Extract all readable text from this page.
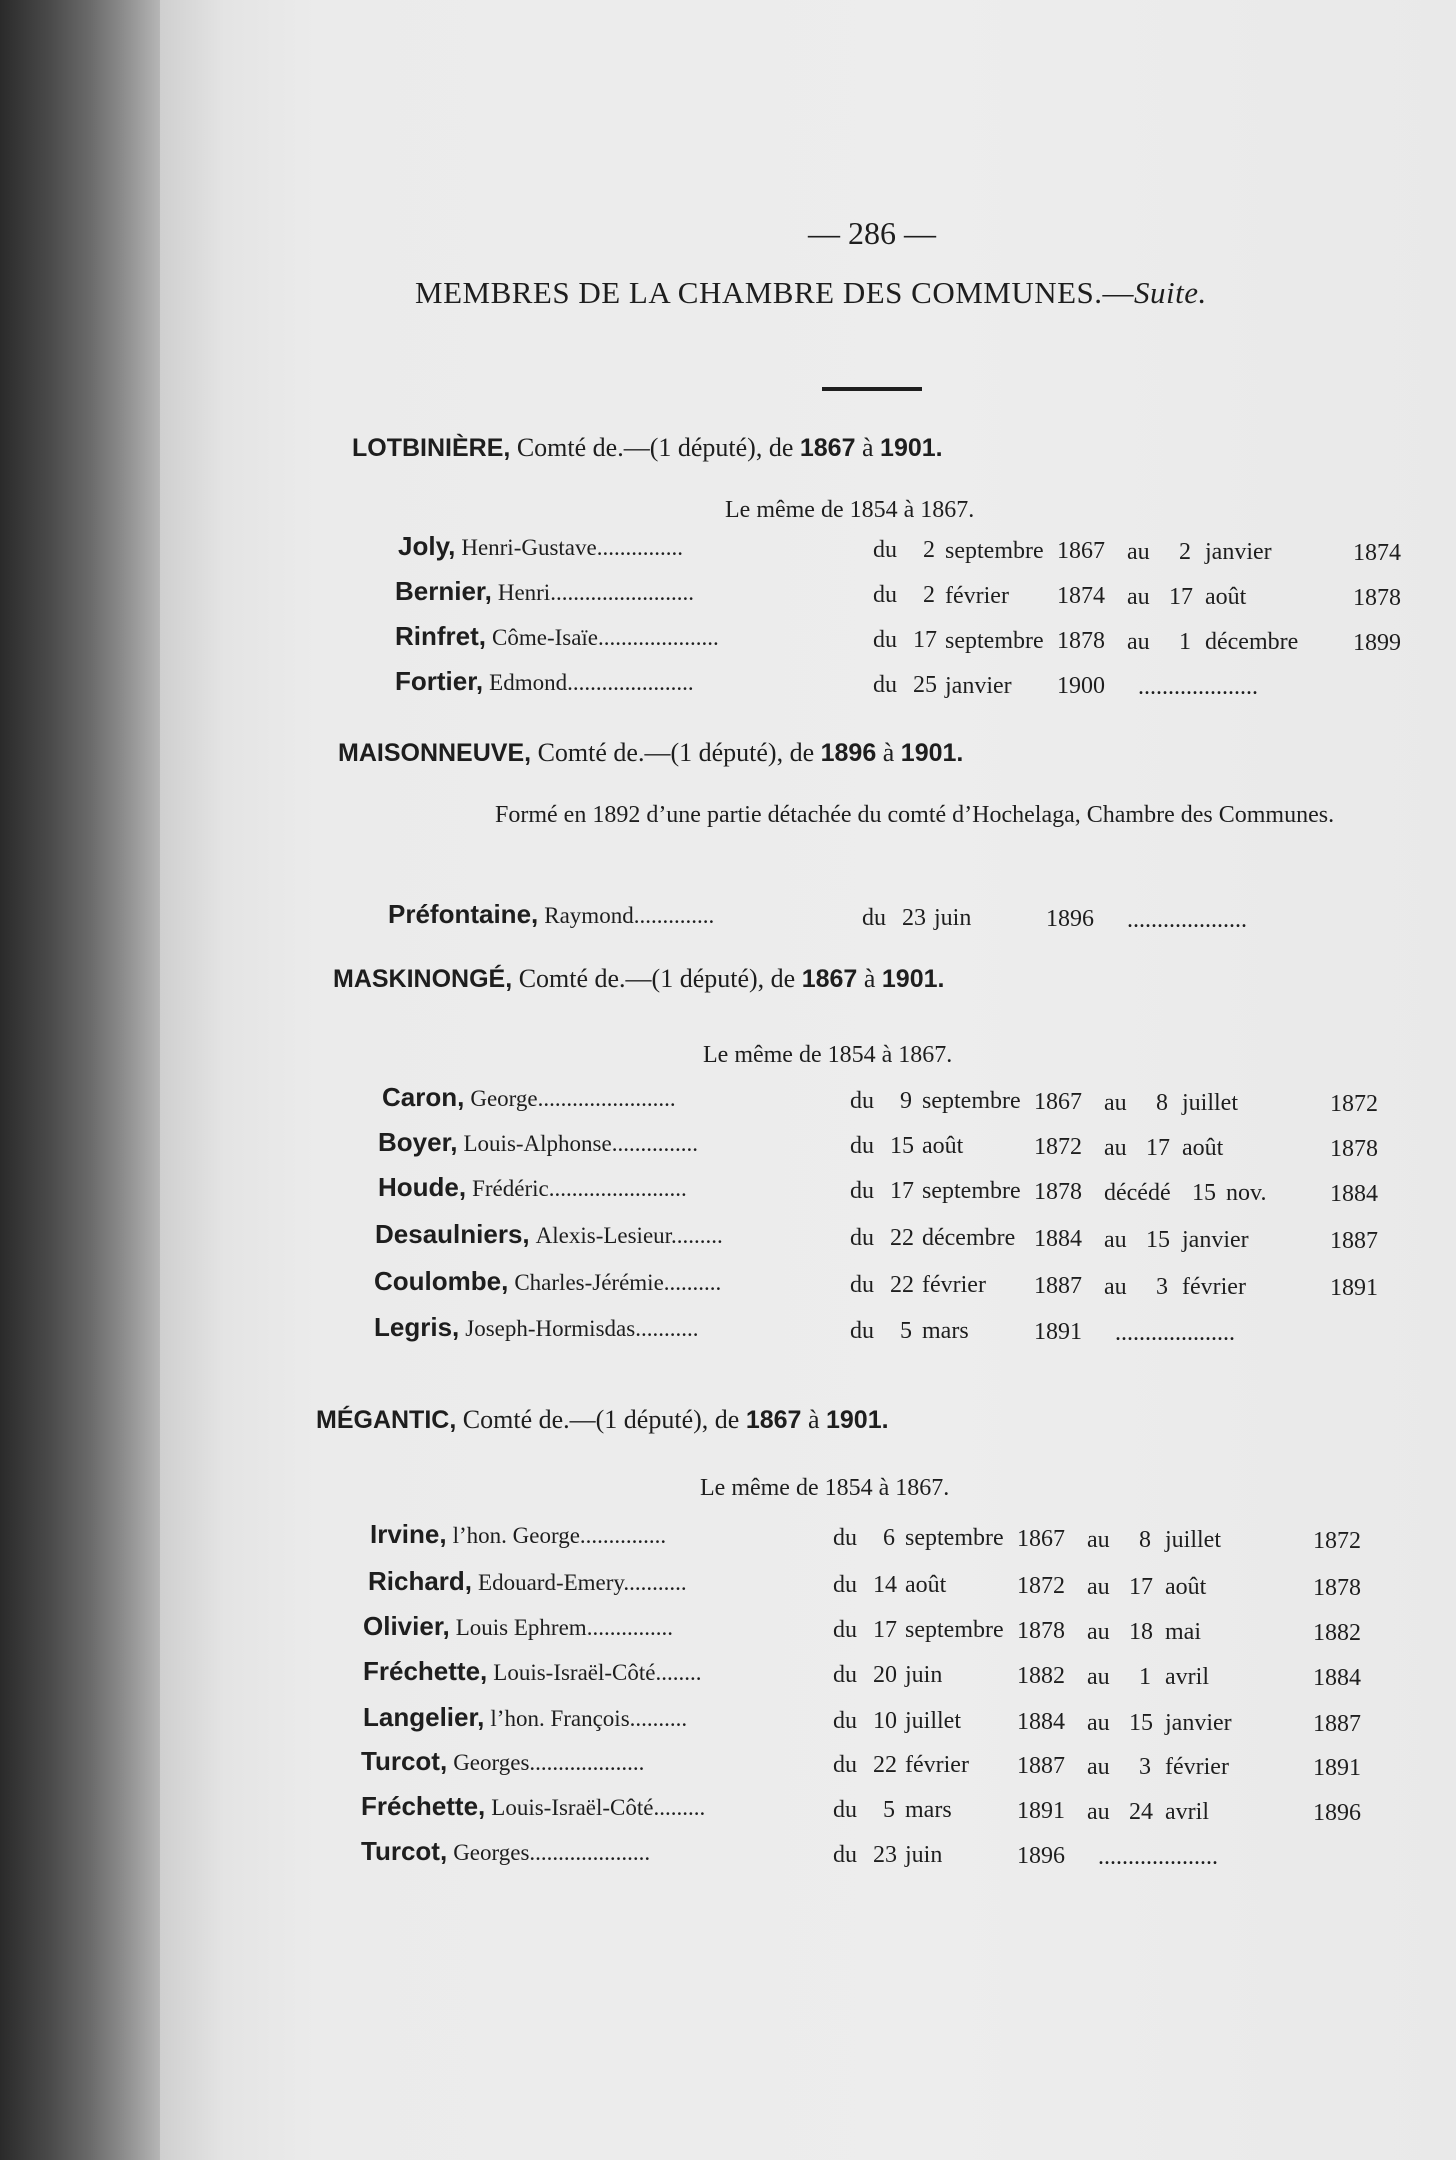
— 286 —
MEMBRES DE LA CHAMBRE DES COMMUNES.—Suite.
LOTBINIÈRE, Comté de.—(1 député), de 1867 à 1901.
Le même de 1854 à 1867.
Joly, Henri-Gustave...............	du 2 septembre 1867 au 2 janvier	1874
Bernier, Henri.........................	du 2 février 1874 au 17 août	1878
Rinfret, Côme-Isaïe.....................	du 17 septembre 1878 au 1 décembre 1899
Fortier, Edmond......................	du 25 janvier 1900 ....................
MAISONNEUVE, Comté de.—(1 député), de 1896 à 1901.
Formé en 1892 d’une partie détachée du comté d’Hochelaga, Chambre des Communes.
Préfontaine, Raymond..............	du 23 juin	1896 ....................
MASKINONGÉ, Comté de.—(1 député), de 1867 à 1901.
Le même de 1854 à 1867.
Caron, George........................	du 9 septembre 1867 au 8 juillet	1872
Boyer, Louis-Alphonse...............	du 15 août	1872 au 17 août	1878
Houde, Frédéric........................	du 17 septembre 1878 décédé 15 nov.	1884
Desaulniers, Alexis-Lesieur.........	du 22 décembre 1884 au 15 janvier	1887
Coulombe, Charles-Jérémie..........	du 22 février 1887 au 3 février	1891
Legris, Joseph-Hormisdas...........	du 5 mars	1891 ....................
MÉGANTIC, Comté de.—(1 député), de 1867 à 1901.
Le même de 1854 à 1867.
Irvine, l’hon. George...............	du 6 septembre 1867 au 8 juillet	1872
Richard, Edouard-Emery...........	du 14 août	1872 au 17 août	1878
Olivier, Louis Ephrem...............	du 17 septembre 1878 au 18 mai	1882
Fréchette, Louis-Israël-Côté........	du 20 juin	1882 au 1 avril	1884
Langelier, l’hon. François..........	du 10 juillet 1884 au 15 janvier	1887
Turcot, Georges....................	du 22 février 1887 au 3 février	1891
Fréchette, Louis-Israël-Côté.........	du 5 mars	1891 au 24 avril	1896
Turcot, Georges.....................	du 23 juin	1896 ....................
